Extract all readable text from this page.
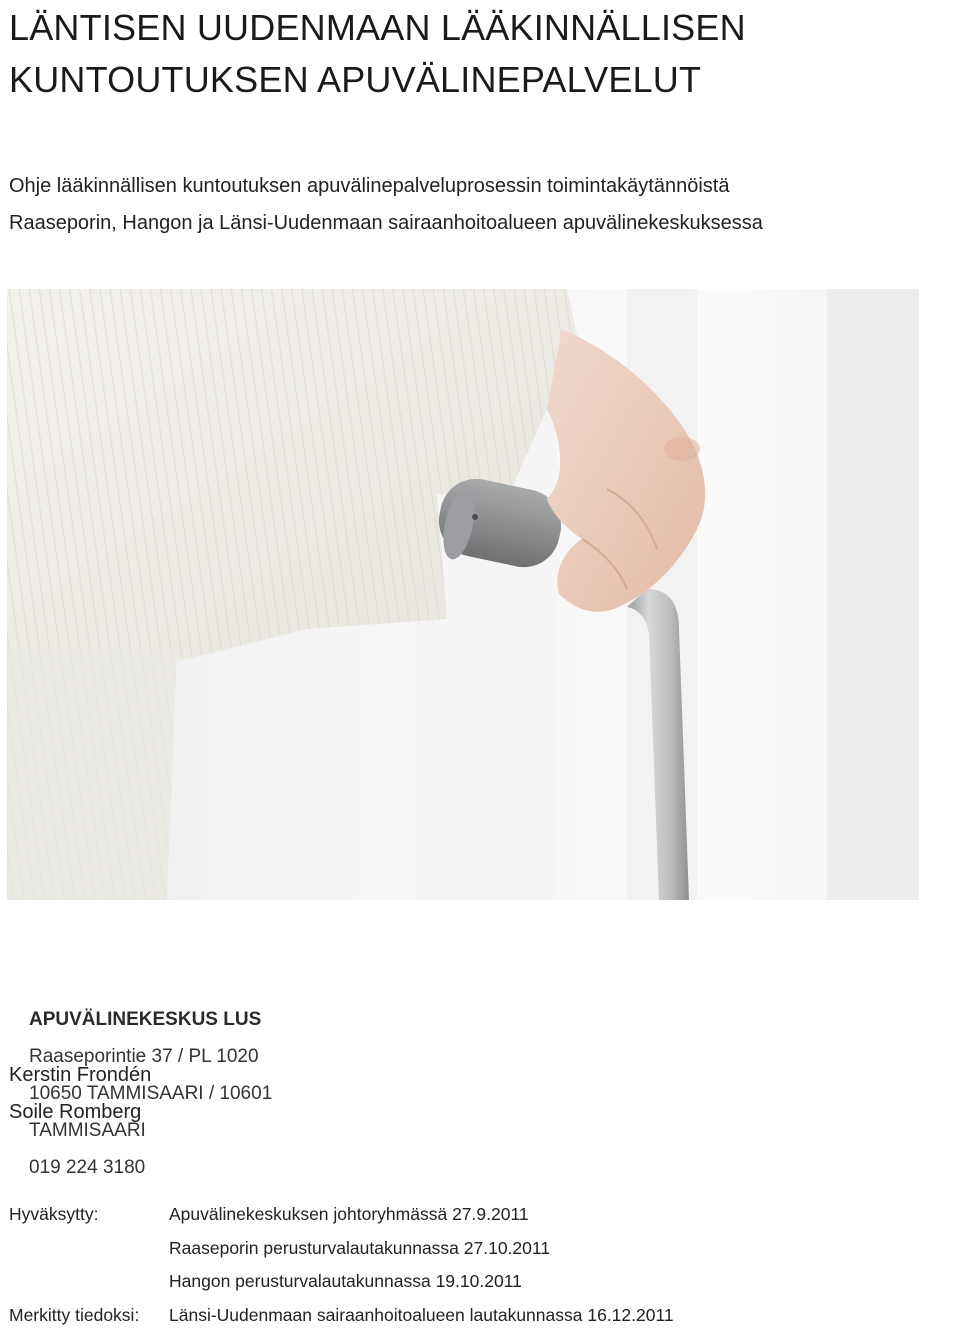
LÄNTISEN UUDENMAAN LÄÄKINNÄLLISEN
KUNTOUTUKSEN APUVÄLINEPALVELUT
Ohje lääkinnällisen kuntoutuksen apuvälinepalveluprosessin toimintakäytännöistä
Raaseporin, Hangon ja Länsi-Uudenmaan sairaanhoitoalueen apuvälinekeskuksessa
APUVÄLINEKESKUS LUS
Raaseporintie 37 / PL 1020
10650 TAMMISAARI / 10601
TAMMISAARI
019 224 3180
Kerstin Frondén
Soile Romberg
Hyväksytty:	Apuvälinekeskuksen johtoryhmässä 27.9.2011
Raaseporin perusturvalautakunnassa 27.10.2011
Hangon perusturvalautakunnassa 19.10.2011
Merkitty tiedoksi: Länsi-Uudenmaan sairaanhoitoalueen lautakunnassa 16.12.2011
